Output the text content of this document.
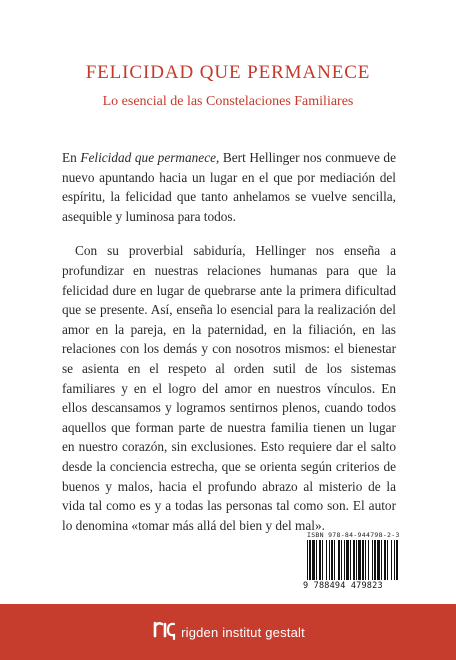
FELICIDAD QUE PERMANECE
Lo esencial de las Constelaciones Familiares

En Felicidad que permanece, Bert Hellinger nos conmueve de nuevo apuntando hacia un lugar en el que por mediación del espíritu, la felicidad que tanto anhelamos se vuelve sencilla, asequible y luminosa para todos.

Con su proverbial sabiduría, Hellinger nos enseña a profundizar en nuestras relaciones humanas para que la felicidad dure en lugar de quebrarse ante la primera dificultad que se presente. Así, enseña lo esencial para la realización del amor en la pareja, en la paternidad, en la filiación, en las relaciones con los demás y con nosotros mismos: el bienestar se asienta en el respeto al orden sutil de los sistemas familiares y en el logro del amor en nuestros vínculos. En ellos descansamos y logramos sentirnos plenos, cuando todos aquellos que forman parte de nuestra familia tienen un lugar en nuestro corazón, sin exclusiones. Esto requiere dar el salto desde la conciencia estrecha, que se orienta según criterios de buenos y malos, hacia el profundo abrazo al misterio de la vida tal como es y a todas las personas tal como son. El autor lo denomina «tomar más allá del bien y del mal».

ISBN 978-84-944798-2-3
9 788494 479823
rigden institut gestalt
